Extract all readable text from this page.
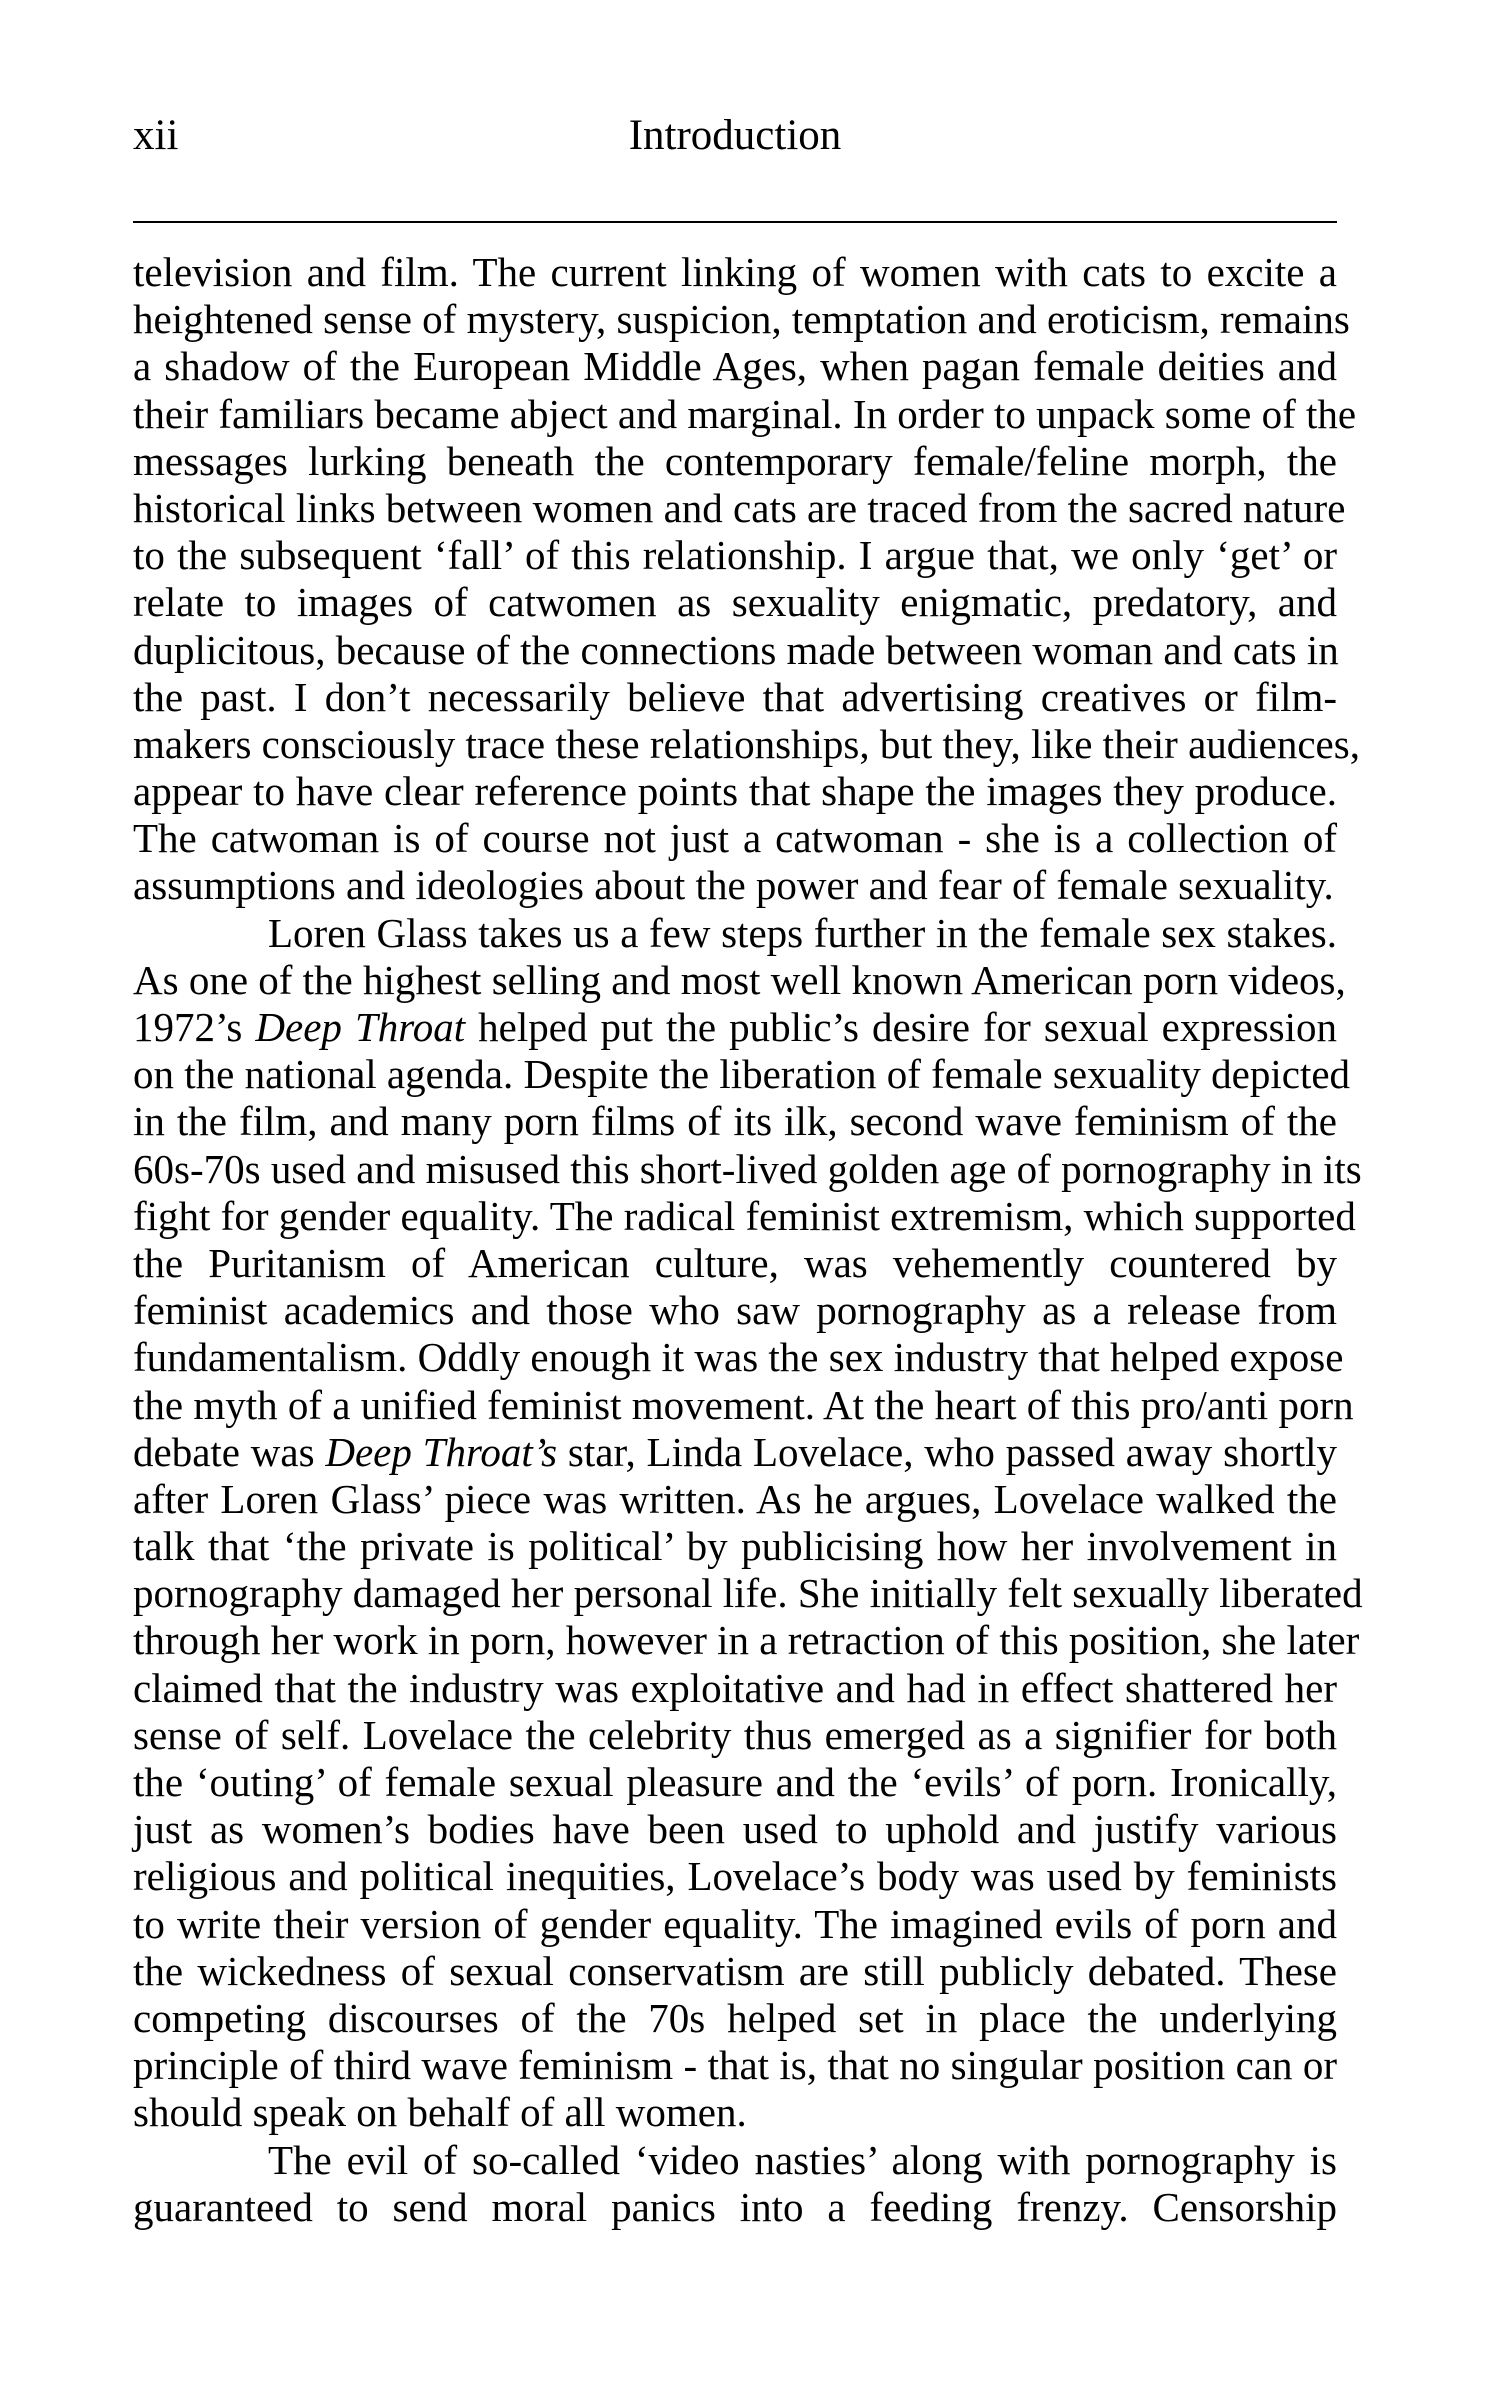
xii	Introduction
television and film. The current linking of women with cats to excite a
heightened sense of mystery, suspicion, temptation and eroticism, remains
a shadow of the European Middle Ages, when pagan female deities and
their familiars became abject and marginal. In order to unpack some of the
messages lurking beneath the contemporary female/feline morph, the
historical links between women and cats are traced from the sacred nature
to the subsequent ‘fall’ of this relationship. I argue that, we only ‘get’ or
relate to images of catwomen as sexuality enigmatic, predatory, and
duplicitous, because of the connections made between woman and cats in
the past. I don’t necessarily believe that advertising creatives or film-
makers consciously trace these relationships, but they, like their audiences,
appear to have clear reference points that shape the images they produce.
The catwoman is of course not just a catwoman - she is a collection of
assumptions and ideologies about the power and fear of female sexuality.
Loren Glass takes us a few steps further in the female sex stakes.
As one of the highest selling and most well known American porn videos,
1972’s Deep Throat helped put the public’s desire for sexual expression
on the national agenda. Despite the liberation of female sexuality depicted
in the film, and many porn films of its ilk, second wave feminism of the
60s-70s used and misused this short-lived golden age of pornography in its
fight for gender equality. The radical feminist extremism, which supported
the Puritanism of American culture, was vehemently countered by
feminist academics and those who saw pornography as a release from
fundamentalism. Oddly enough it was the sex industry that helped expose
the myth of a unified feminist movement. At the heart of this pro/anti porn
debate was Deep Throat’s star, Linda Lovelace, who passed away shortly
after Loren Glass’ piece was written. As he argues, Lovelace walked the
talk that ‘the private is political’ by publicising how her involvement in
pornography damaged her personal life. She initially felt sexually liberated
through her work in porn, however in a retraction of this position, she later
claimed that the industry was exploitative and had in effect shattered her
sense of self. Lovelace the celebrity thus emerged as a signifier for both
the ‘outing’ of female sexual pleasure and the ‘evils’ of porn. Ironically,
just as women’s bodies have been used to uphold and justify various
religious and political inequities, Lovelace’s body was used by feminists
to write their version of gender equality. The imagined evils of porn and
the wickedness of sexual conservatism are still publicly debated. These
competing discourses of the 70s helped set in place the underlying
principle of third wave feminism - that is, that no singular position can or
should speak on behalf of all women.
The evil of so-called ‘video nasties’ along with pornography is
guaranteed to send moral panics into a feeding frenzy. Censorship
